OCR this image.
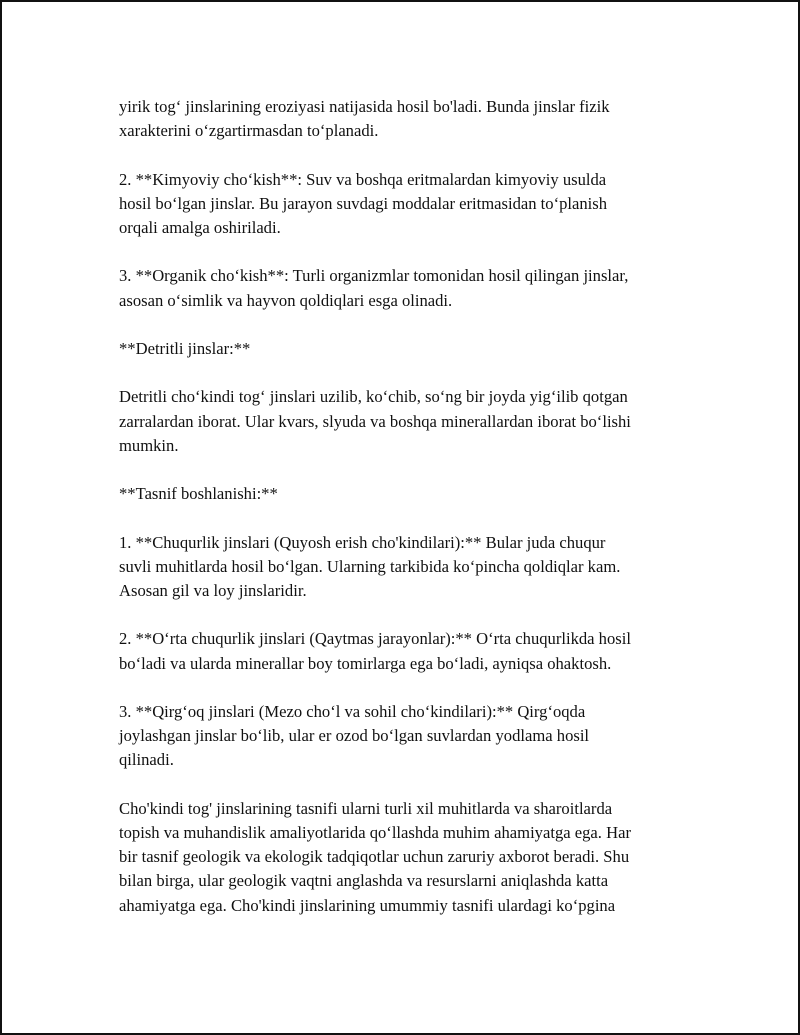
yirik tog‘ jinslarining eroziyasi natijasida hosil bo'ladi. Bunda jinslar fizik
xarakterini o‘zgartirmasdan to‘planadi.

2. **Kimyoviy cho‘kish**: Suv va boshqa eritmalardan kimyoviy usulda
hosil bo‘lgan jinslar. Bu jarayon suvdagi moddalar eritmasidan to‘planish
orqali amalga oshiriladi.

3. **Organik cho‘kish**: Turli organizmlar tomonidan hosil qilingan jinslar,
asosan o‘simlik va hayvon qoldiqlari esga olinadi.

**Detritli jinslar:**

Detritli cho‘kindi tog‘ jinslari uzilib, ko‘chib, so‘ng bir joyda yig‘ilib qotgan
zarralardan iborat. Ular kvars, slyuda va boshqa minerallardan iborat bo‘lishi
mumkin.

**Tasnif boshlanishi:**

1. **Chuqurlik jinslari (Quyosh erish cho'kindilari):** Bular juda chuqur
suvli muhitlarda hosil bo‘lgan. Ularning tarkibida ko‘pincha qoldiqlar kam.
Asosan gil va loy jinslaridir.

2. **O‘rta chuqurlik jinslari (Qaytmas jarayonlar):** O‘rta chuqurlikda hosil
bo‘ladi va ularda minerallar boy tomirlarga ega bo‘ladi, ayniqsa ohaktosh.

3. **Qirg‘oq jinslari (Mezo cho‘l va sohil cho‘kindilari):** Qirg‘oqda
joylashgan jinslar bo‘lib, ular er ozod bo‘lgan suvlardan yodlama hosil
qilinadi.

Cho'kindi tog' jinslarining tasnifi ularni turli xil muhitlarda va sharoitlarda
topish va muhandislik amaliyotlarida qo‘llashda muhim ahamiyatga ega. Har
bir tasnif geologik va ekologik tadqiqotlar uchun zaruriy axborot beradi. Shu
bilan birga, ular geologik vaqtni anglashda va resurslarni aniqlashda katta
ahamiyatga ega. Cho'kindi jinslarining umummiy tasnifi ulardagi ko‘pgina
